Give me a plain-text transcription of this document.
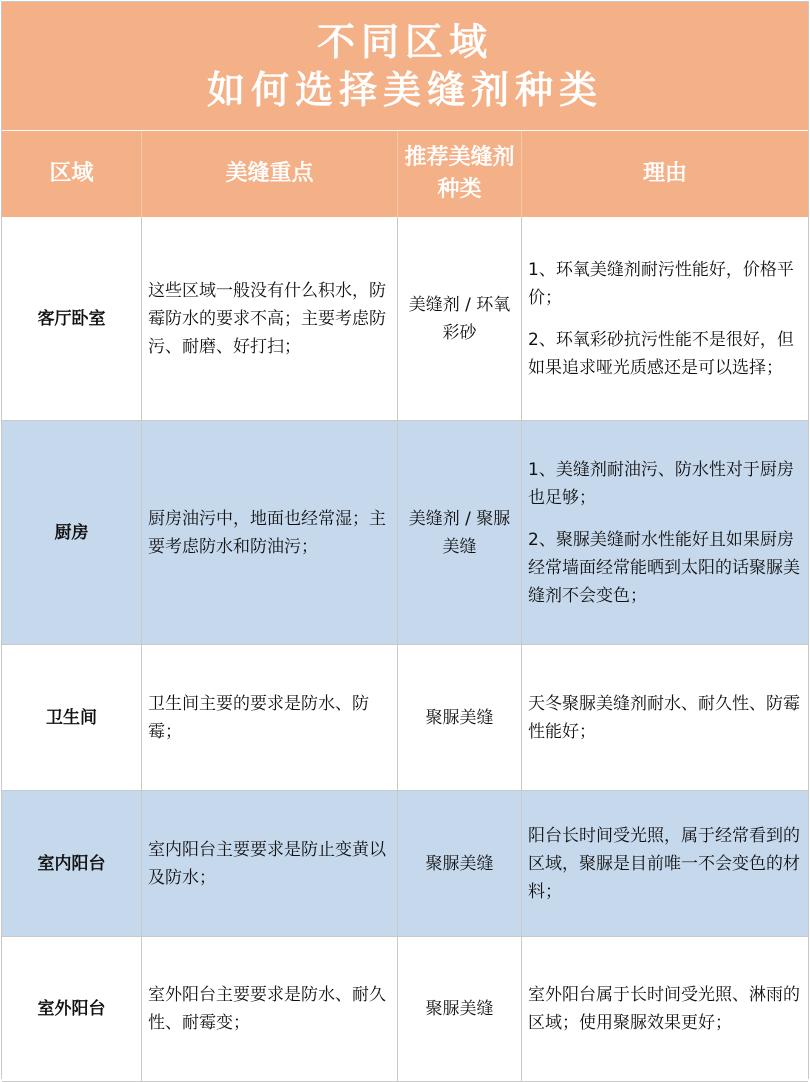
不同区域
如何选择美缝剂种类
区域	美缝重点
推荐美缝剂种类
理由
客厅卧室
这些区域一般没有什么积水，防霉防水的要求不高；主要考虑防污、耐磨、好打扫；
美缝剂 / 环氧彩砂

1、环氧美缝剂耐污性能好，价格平价；

2、环氧彩砂抗污性能不是很好，但如果追求哑光质感还是可以选择；

厨房
厨房油污中，地面也经常湿；主要考虑防水和防油污；
美缝剂 / 聚脲美缝

1、美缝剂耐油污、防水性对于厨房也足够；

2、聚脲美缝耐水性能好且如果厨房经常墙面经常能晒到太阳的话聚脲美缝剂不会变色；

卫生间
卫生间主要的要求是防水、防霉；
聚脲美缝

天冬聚脲美缝剂耐水、耐久性、防霉性能好；

室内阳台
室内阳台主要要求是防止变黄以及防水；
聚脲美缝

阳台长时间受光照，属于经常看到的区域，聚脲是目前唯一不会变色的材料；

室外阳台
室外阳台主要要求是防水、耐久性、耐霉变；
聚脲美缝

室外阳台属于长时间受光照、淋雨的区域；使用聚脲效果更好；
